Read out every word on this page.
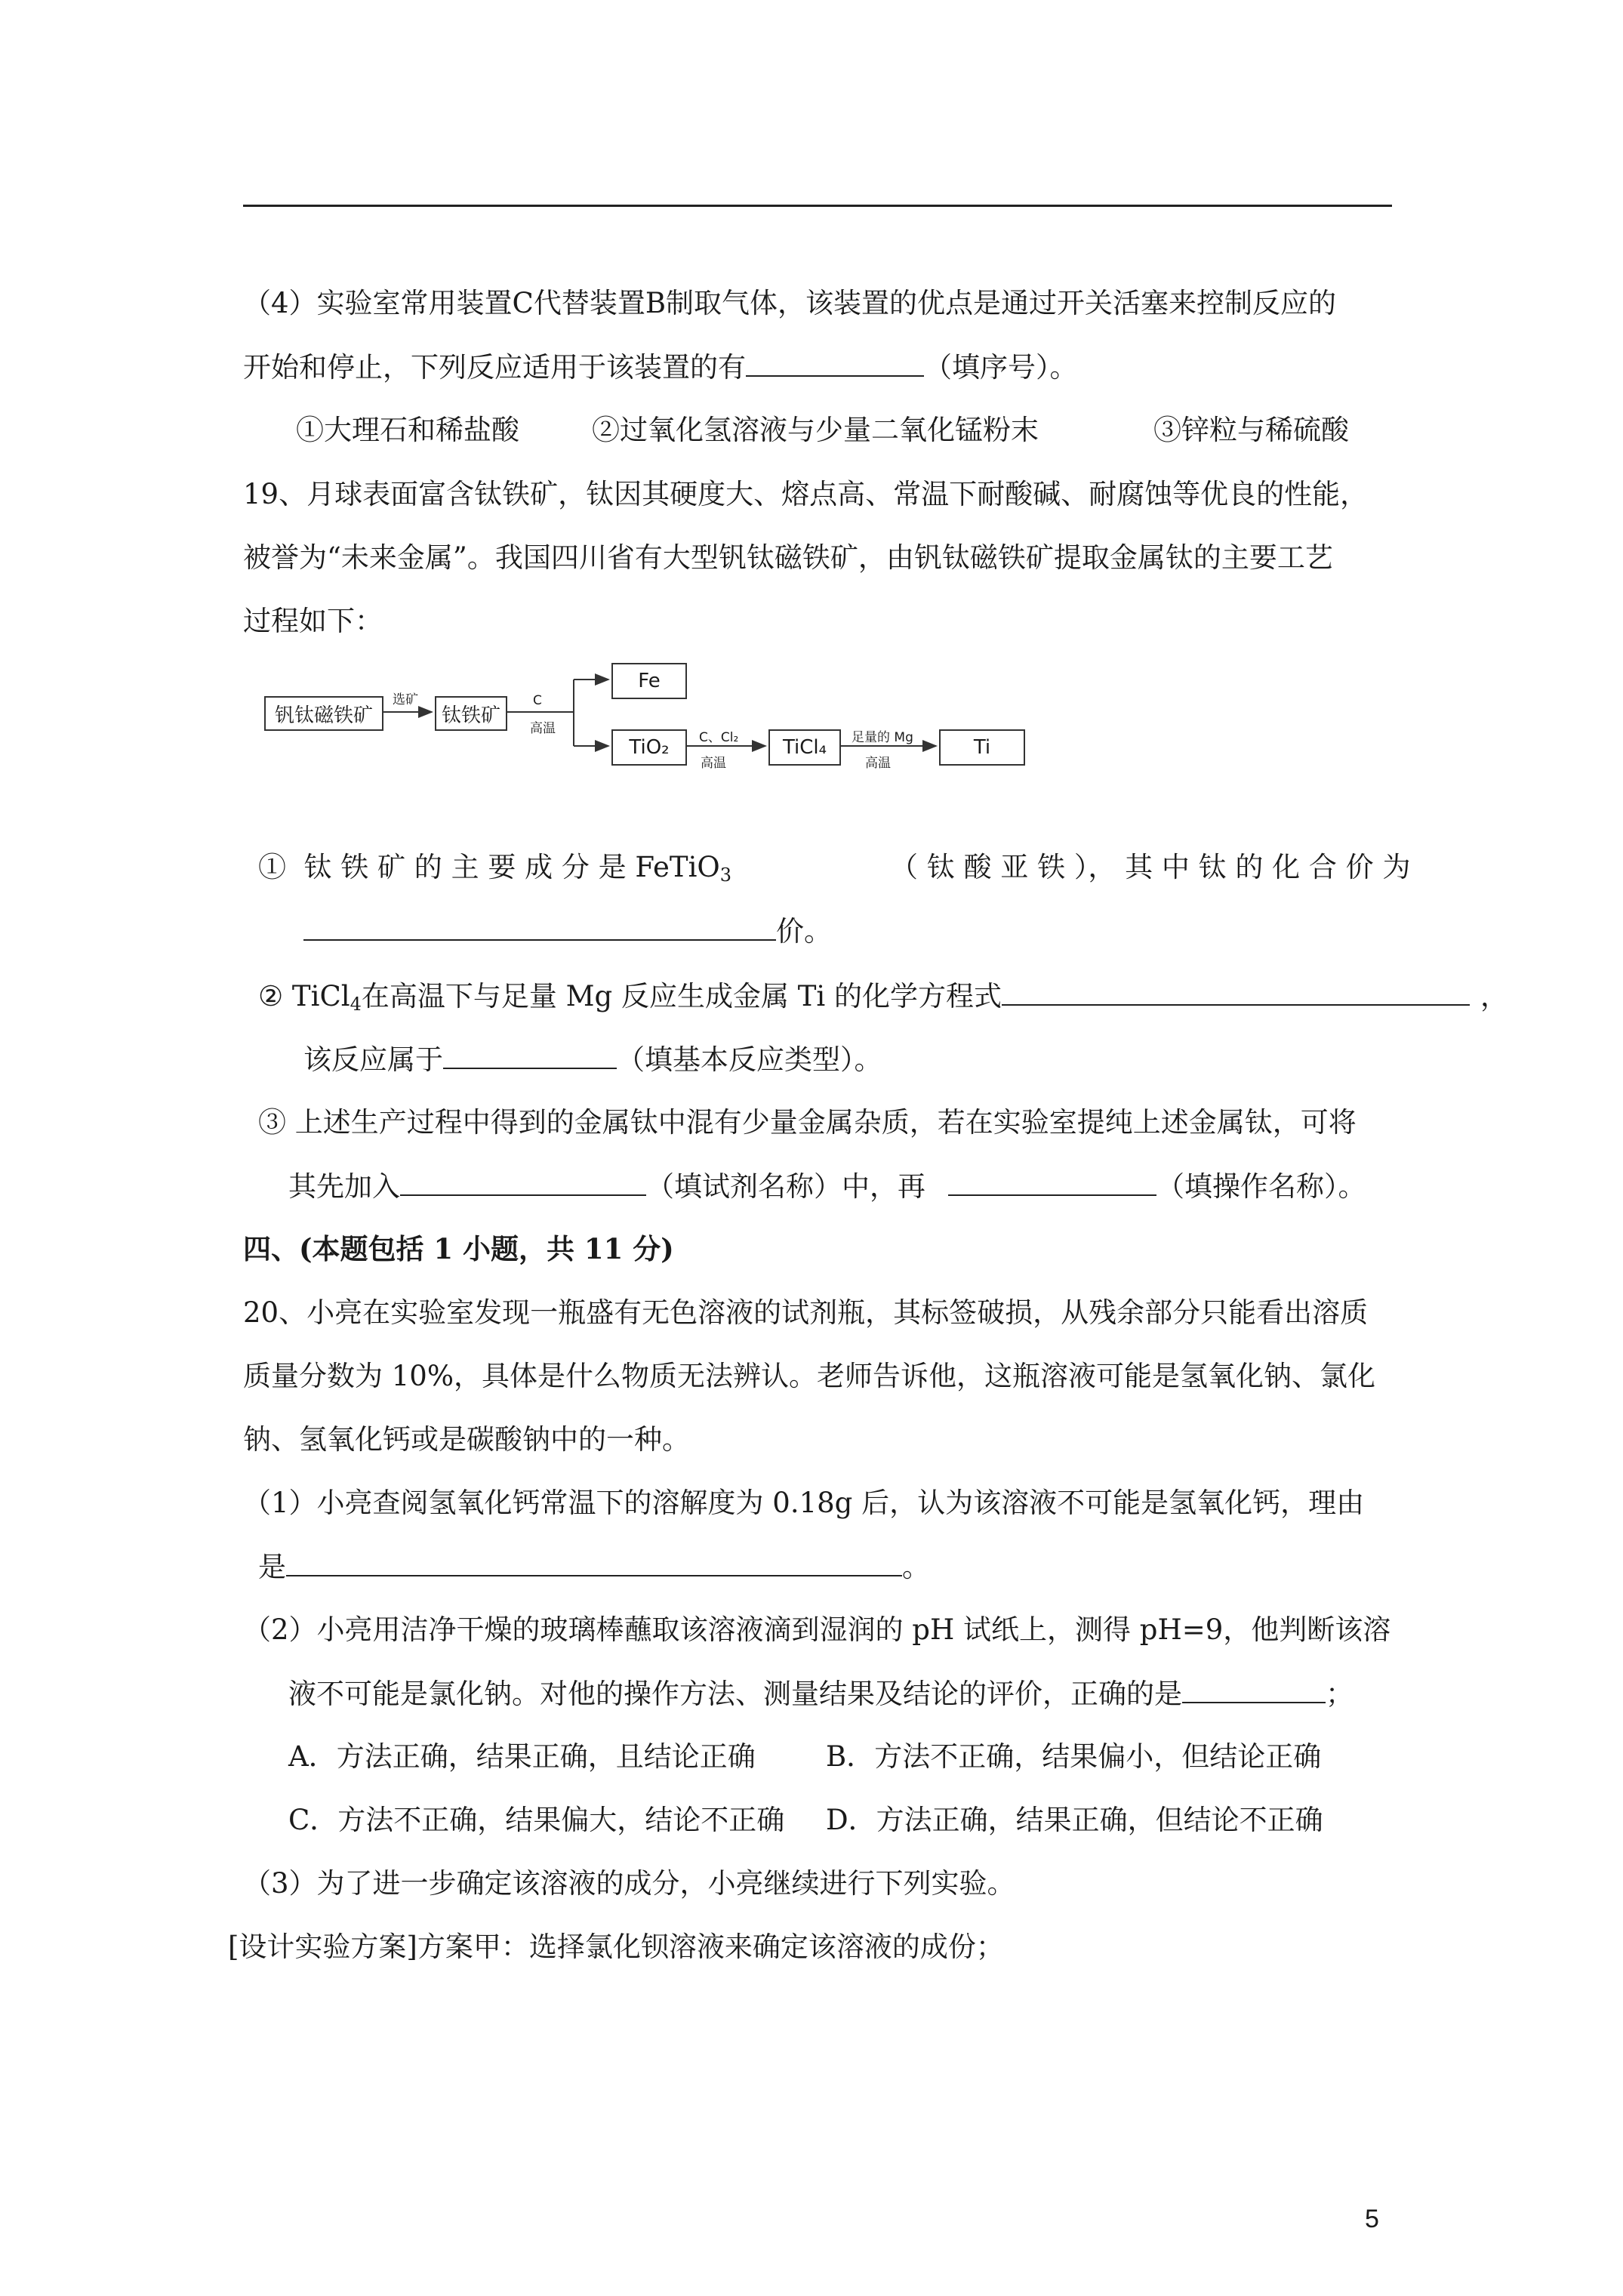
（4）实验室常用装置C代替装置B制取气体，该装置的优点是通过开关活塞来控制反应的
开始和停止，下列反应适用于该装置的有	（填序号）。
①大理石和稀盐酸	②过氧化氢溶液与少量二氧化锰粉末	③锌粒与稀硫酸
19、月球表面富含钛铁矿，钛因其硬度大、熔点高、常温下耐酸碱、耐腐蚀等优良的性能，
被誉为“未来金属”。我国四川省有大型钒钛磁铁矿，由钒钛磁铁矿提取金属钛的主要工艺
过程如下：
钒钛磁铁矿
选矿
钛铁矿
C
高温
Fe
TiO₂	C、Cl₂
高温
TiCl₄	足量的 Mg
高温
Ti
①  钛 铁 矿 的 主 要 成 分 是 FeTiO$_3$	（ 钛 酸 亚 铁 ）， 其 中 钛 的 化 合 价 为
价。
② TiCl$_4$在高温下与足量 Mg 反应生成金属 Ti 的化学方程式	，
该反应属于	（填基本反应类型）。
③ 上述生产过程中得到的金属钛中混有少量金属杂质，若在实验室提纯上述金属钛，可将
其先加入	（填试剂名称）中，再	（填操作名称）。
四、(本题包括 1 小题，共 11 分)
20、小亮在实验室发现一瓶盛有无色溶液的试剂瓶，其标签破损，从残余部分只能看出溶质
质量分数为 10%，具体是什么物质无法辨认。老师告诉他，这瓶溶液可能是氢氧化钠、氯化
钠、氢氧化钙或是碳酸钠中的一种。
（1）小亮查阅氢氧化钙常温下的溶解度为 0.18g 后，认为该溶液不可能是氢氧化钙，理由
是	。
（2）小亮用洁净干燥的玻璃棒蘸取该溶液滴到湿润的 pH 试纸上，测得 pH=9，他判断该溶
液不可能是氯化钠。对他的操作方法、测量结果及结论的评价，正确的是	；
A．方法正确，结果正确，且结论正确	B．方法不正确，结果偏小，但结论正确
C．方法不正确，结果偏大，结论不正确 D．方法正确，结果正确，但结论不正确
（3）为了进一步确定该溶液的成分，小亮继续进行下列实验。
[设计实验方案]方案甲：选择氯化钡溶液来确定该溶液的成份；
5
